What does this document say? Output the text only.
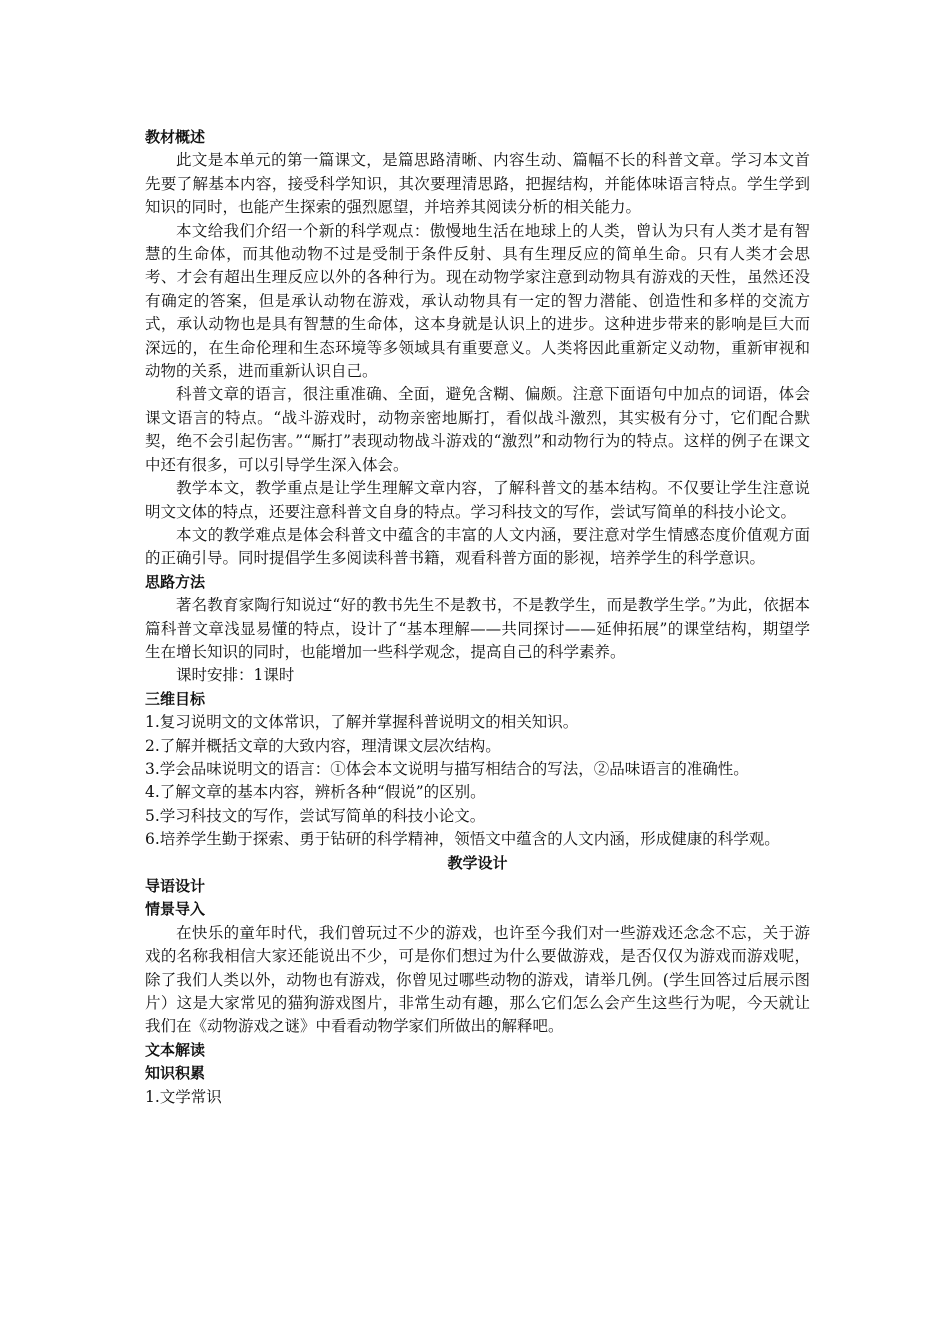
教材概述

此文是本单元的第一篇课文，是篇思路清晰、内容生动、篇幅不长的科普文章。学习本文首先要了解基本内容，接受科学知识，其次要理清思路，把握结构，并能体味语言特点。学生学到知识的同时，也能产生探索的强烈愿望，并培养其阅读分析的相关能力。

本文给我们介绍一个新的科学观点：傲慢地生活在地球上的人类，曾认为只有人类才是有智慧的生命体，而其他动物不过是受制于条件反射、具有生理反应的简单生命。只有人类才会思考、才会有超出生理反应以外的各种行为。现在动物学家注意到动物具有游戏的天性，虽然还没有确定的答案，但是承认动物在游戏，承认动物具有一定的智力潜能、创造性和多样的交流方式，承认动物也是具有智慧的生命体，这本身就是认识上的进步。这种进步带来的影响是巨大而深远的，在生命伦理和生态环境等多领域具有重要意义。人类将因此重新定义动物，重新审视和动物的关系，进而重新认识自己。

科普文章的语言，很注重准确、全面，避免含糊、偏颇。注意下面语句中加点的词语，体会课文语言的特点。“战斗游戏时，动物亲密地厮打，看似战斗激烈，其实极有分寸，它们配合默契，绝不会引起伤害。”“厮打”表现动物战斗游戏的“激烈”和动物行为的特点。这样的例子在课文中还有很多，可以引导学生深入体会。

教学本文，教学重点是让学生理解文章内容，了解科普文的基本结构。不仅要让学生注意说明文文体的特点，还要注意科普文自身的特点。学习科技文的写作，尝试写简单的科技小论文。

本文的教学难点是体会科普文中蕴含的丰富的人文内涵，要注意对学生情感态度价值观方面的正确引导。同时提倡学生多阅读科普书籍，观看科普方面的影视，培养学生的科学意识。

思路方法

著名教育家陶行知说过“好的教书先生不是教书，不是教学生，而是教学生学。”为此，依据本篇科普文章浅显易懂的特点，设计了“基本理解——共同探讨——延伸拓展”的课堂结构，期望学生在增长知识的同时，也能增加一些科学观念，提高自己的科学素养。

课时安排：1课时

三维目标

1.复习说明文的文体常识，了解并掌握科普说明文的相关知识。

2.了解并概括文章的大致内容，理清课文层次结构。

3.学会品味说明文的语言：①体会本文说明与描写相结合的写法，②品味语言的准确性。

4.了解文章的基本内容，辨析各种“假说”的区别。

5.学习科技文的写作，尝试写简单的科技小论文。

6.培养学生勤于探索、勇于钻研的科学精神，领悟文中蕴含的人文内涵，形成健康的科学观。

教学设计

导语设计

情景导入

在快乐的童年时代，我们曾玩过不少的游戏，也许至今我们对一些游戏还念念不忘，关于游戏的名称我相信大家还能说出不少，可是你们想过为什么要做游戏，是否仅仅为游戏而游戏呢，除了我们人类以外，动物也有游戏，你曾见过哪些动物的游戏，请举几例。(学生回答过后展示图片）这是大家常见的猫狗游戏图片，非常生动有趣，那么它们怎么会产生这些行为呢，今天就让我们在《动物游戏之谜》中看看动物学家们所做出的解释吧。

文本解读

知识积累

1.文学常识
